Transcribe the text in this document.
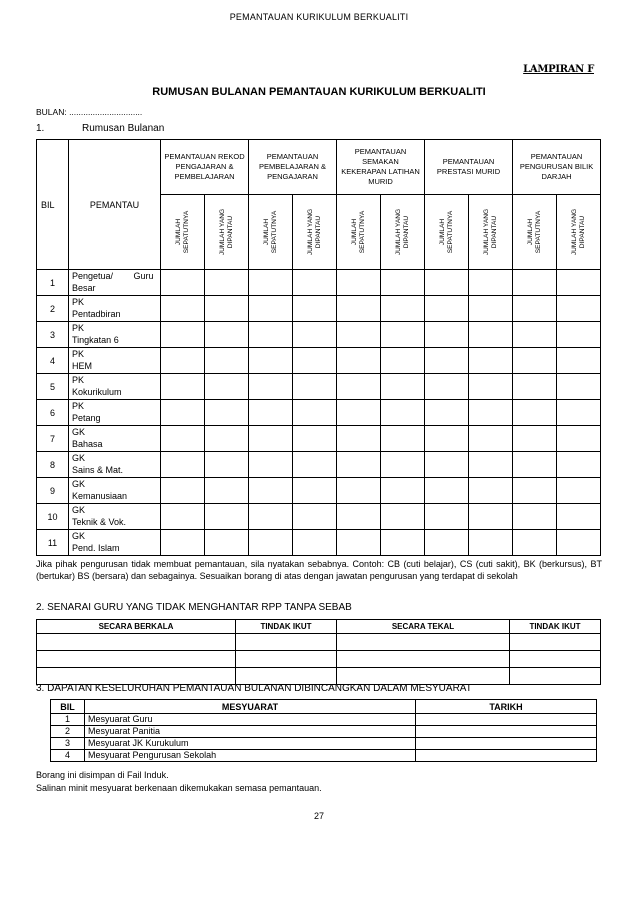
PEMANTAUAN KURIKULUM BERKUALITI
LAMPIRAN F
RUMUSAN BULANAN PEMANTAUAN KURIKULUM BERKUALITI
BULAN: ...............................
1.	Rumusan Bulanan
BIL	PEMANTAU	PEMANTAUAN REKOD PENGAJARAN & PEMBELAJARAN		PEMANTAUAN PEMBELAJARAN & PENGAJARAN		PEMANTAUAN SEMAKAN KEKERAPAN LATIHAN MURID		PEMANTAUAN PRESTASI MURID		PEMANTAUAN PENGURUSAN BILIK DARJAH	

		JUMLAH SEPATUTNYA	JUMLAH YANG DIPANTAU	JUMLAH SEPATUTNYA	JUMLAH YANG DIPANTAU	JUMLAH SEPATUTNYA	JUMLAH YANG DIPANTAU	JUMLAH SEPATUTNYA	JUMLAH YANG DIPANTAU	JUMLAH SEPATUTNYA	JUMLAH YANG DIPANTAU

1	Pengetua/ Guru
Besar										

2	PK
Pentadbiran										

3	PK
Tingkatan 6										

4	PK
HEM										

5	PK
Kokurikulum										

6	PK
Petang										

7	GK
Bahasa										

8	GK
Sains & Mat.										

9	GK
Kemanusiaan										

10	GK
Teknik & Vok.										

11	GK
Pend. Islam										

Jika pihak pengurusan tidak membuat pemantauan, sila nyatakan sebabnya. Contoh: CB (cuti belajar), CS (cuti sakit), BK (berkursus), BT (bertukar) BS (bersara) dan sebagainya. Sesuaikan borang di atas dengan jawatan pengurusan yang terdapat di sekolah
2. SENARAI GURU YANG TIDAK MENGHANTAR RPP TANPA SEBAB
SECARA BERKALA	TINDAK IKUT	SECARA TEKAL	TINDAK IKUT

3. DAPATAN KESELURUHAN PEMANTAUAN BULANAN DIBINCANGKAN DALAM MESYUARAT
BIL	MESYUARAT	TARIKH
1	Mesyuarat Guru	
2	Mesyuarat Panitia	
3	Mesyuarat JK Kurukulum	
4	Mesyuarat Pengurusan Sekolah	
Borang ini disimpan di Fail Induk.
Salinan minit mesyuarat berkenaan dikemukakan semasa pemantauan.
27
